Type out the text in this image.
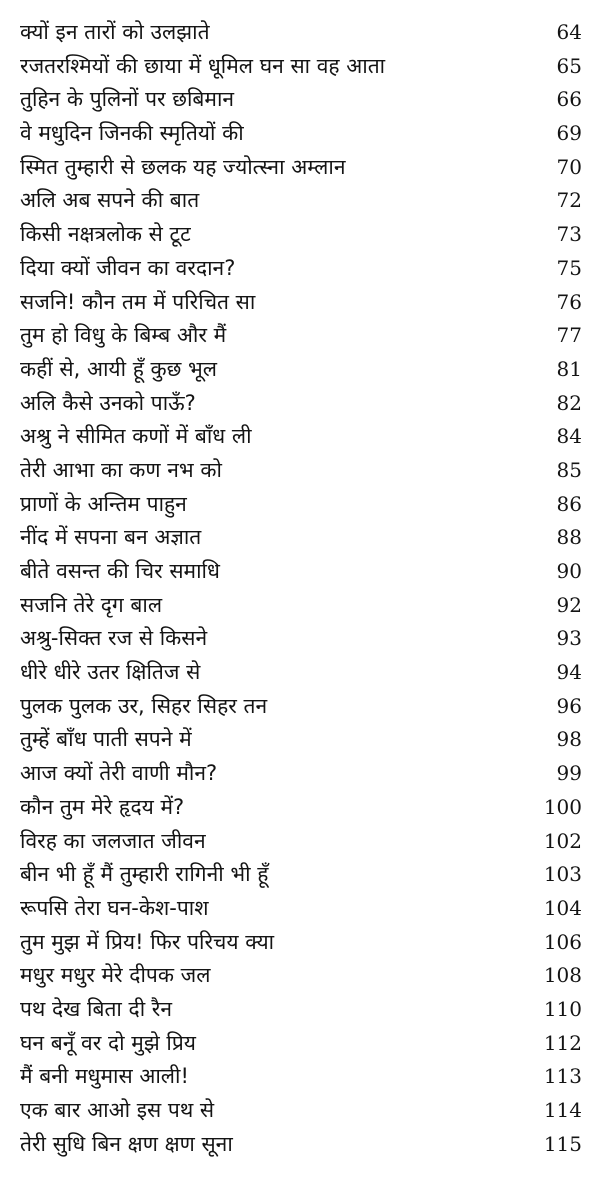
क्यों इन तारों को उलझाते	64
रजतरश्मियों की छाया में धूमिल घन सा वह आता	65
तुहिन के पुलिनों पर छबिमान	66
वे मधुदिन जिनकी स्मृतियों की	69
स्मित तुम्हारी से छलक यह ज्योत्स्ना अम्लान	70
अलि अब सपने की बात	72
किसी नक्षत्रलोक से टूट	73
दिया क्यों जीवन का वरदान?	75
सजनि! कौन तम में परिचित सा	76
तुम हो विधु के बिम्ब और मैं	77
कहीं से, आयी हूँ कुछ भूल	81
अलि कैसे उनको पाऊँ?	82
अश्रु ने सीमित कणों में बाँध ली	84
तेरी आभा का कण नभ को	85
प्राणों के अन्तिम पाहुन	86
नींद में सपना बन अज्ञात	88
बीते वसन्त की चिर समाधि	90
सजनि तेरे दृग बाल	92
अश्रु-सिक्त रज से किसने	93
धीरे धीरे उतर क्षितिज से	94
पुलक पुलक उर, सिहर सिहर तन	96
तुम्हें बाँध पाती सपने में	98
आज क्यों तेरी वाणी मौन?	99
कौन तुम मेरे हृदय में?	100
विरह का जलजात जीवन	102
बीन भी हूँ मैं तुम्हारी रागिनी भी हूँ	103
रूपसि तेरा घन-केश-पाश	104
तुम मुझ में प्रिय! फिर परिचय क्या	106
मधुर मधुर मेरे दीपक जल	108
पथ देख बिता दी रैन	110
घन बनूँ वर दो मुझे प्रिय	112
मैं बनी मधुमास आली!	113
एक बार आओ इस पथ से	114
तेरी सुधि बिन क्षण क्षण सूना	115
